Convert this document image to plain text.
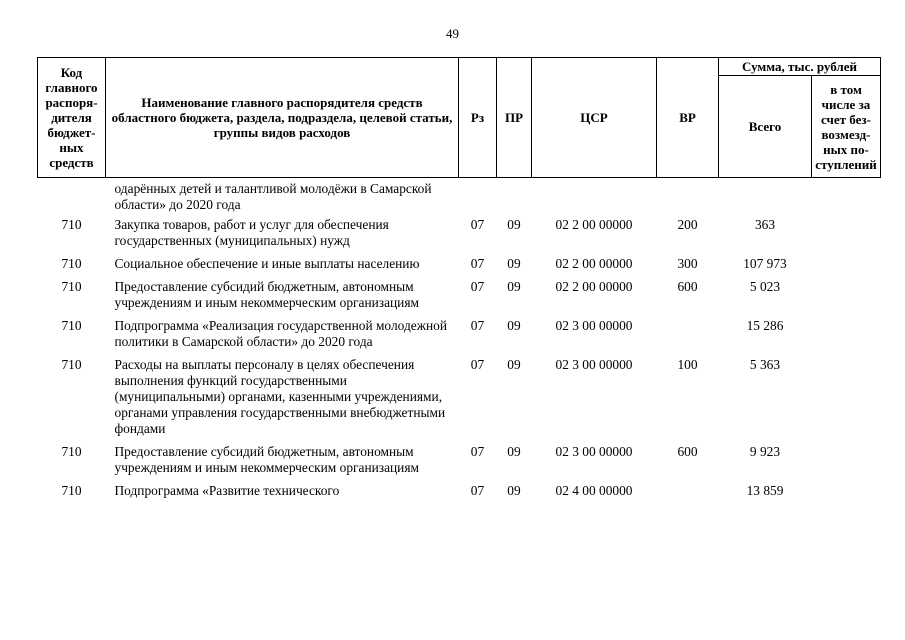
49
Код главного распоря-дителя бюджет-ных средств	Наименование главного распорядителя средств областного бюджета, раздела, подраздела, целевой статьи, группы видов расходов	Рз	ПР	ЦСР	ВР	Сумма, тыс. рублей	
						Всего	в том числе за счет без-возмезд-ных по-ступлений
	одарённых детей и талантливой молодёжи в Самарской области» до 2020 года						
710	Закупка товаров, работ и услуг для обеспечения государственных (муниципальных) нужд	07	09	02 2 00 00000	200	363	
710	Социальное обеспечение и иные выплаты населению	07	09	02 2 00 00000	300	107 973	
710	Предоставление субсидий бюджетным, автономным учреждениям и иным некоммерческим организациям	07	09	02 2 00 00000	600	5 023	
710	Подпрограмма «Реализация государственной молодежной политики в Самарской области» до 2020 года	07	09	02 3 00 00000		15 286	
710	Расходы на выплаты персоналу в целях обеспечения выполнения функций государственными (муниципальными) органами, казенными учреждениями, органами управления государственными внебюджетными фондами	07	09	02 3 00 00000	100	5 363	
710	Предоставление субсидий бюджетным, автономным учреждениям и иным некоммерческим организациям	07	09	02 3 00 00000	600	9 923	
710	Подпрограмма «Развитие технического	07	09	02 4 00 00000		13 859	
